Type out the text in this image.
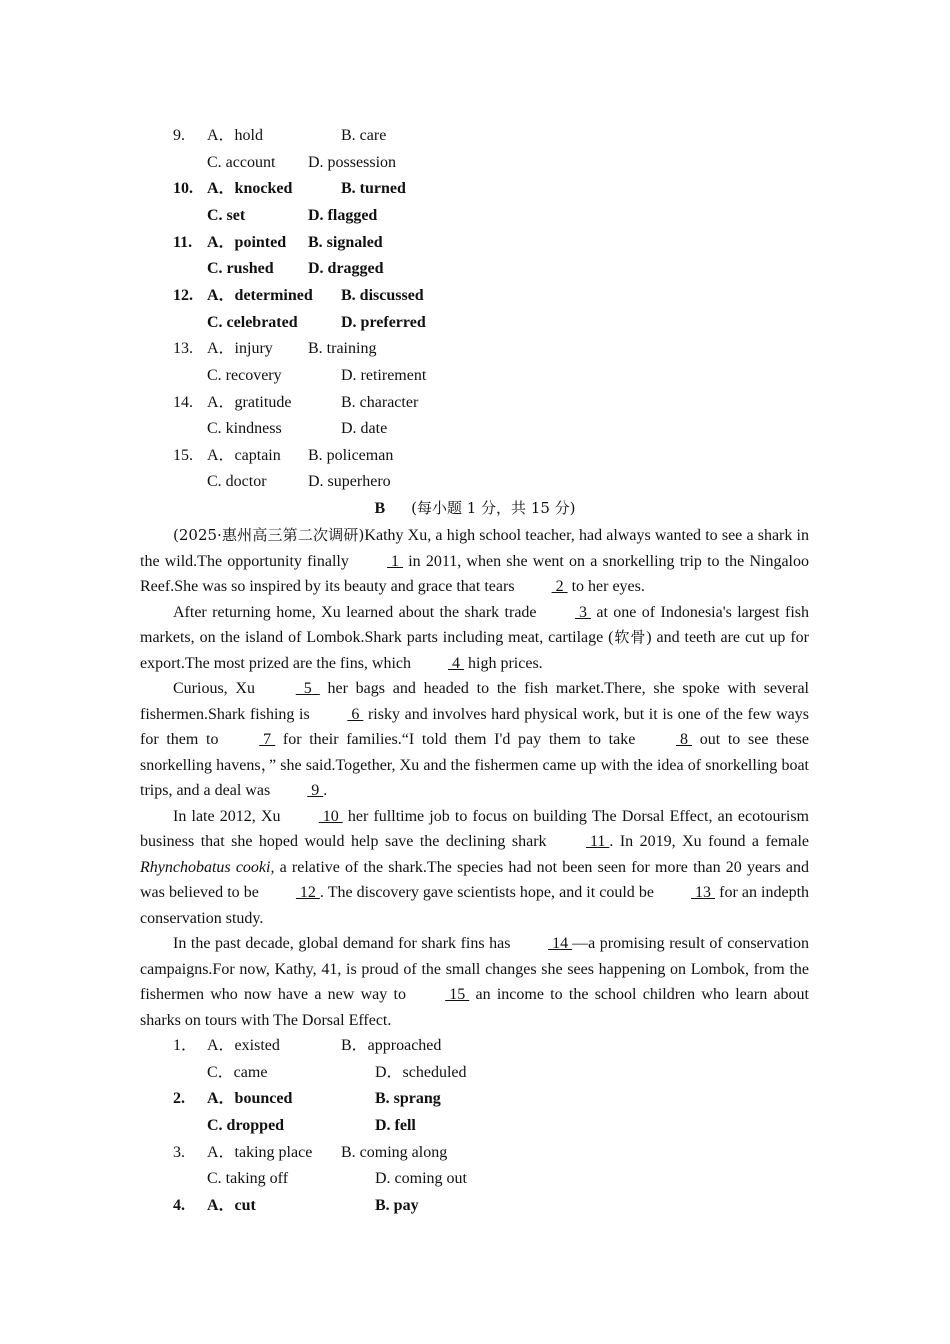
9. A．hold	B. care
C. account D. possession
10. A．knocked	B. turned
C. set	D. flagged
11. A．pointed B. signaled
C. rushed D. dragged
12. A．determined B. discussed
C. celebrated	D. preferred
13. A．injury B. training
C. recovery	D. retirement
14. A．gratitude	B. character
C. kindness	D. date
15. A．captain B. policeman
C. doctor	D. superhero
B (每小题 1 分，共 15 分)

(2025·惠州高三第二次调研)Kathy Xu, a high school teacher, had always wanted to see a shark in the wild.The opportunity finally  1  in 2011, when she went on a snorkelling trip to the Ningaloo Reef.She was so inspired by its beauty and grace that tears  2  to her eyes.

After returning home, Xu learned about the shark trade  3  at one of Indonesia's largest fish markets, on the island of Lombok.Shark parts including meat, cartilage (软骨) and teeth are cut up for export.The most prized are the fins, which  4  high prices.

Curious, Xu   5   her bags and headed to the fish market.There, she spoke with several fishermen.Shark fishing is  6  risky and involves hard physical work, but it is one of the few ways for them to  7  for their families.“I told them I'd pay them to take  8  out to see these snorkelling havens，” she said.Together, Xu and the fishermen came up with the idea of snorkelling boat trips, and a deal was  9 .

In late 2012, Xu  10  her fulltime job to focus on building The Dorsal Effect, an ecotourism business that she hoped would help save the declining shark  11 . In 2019, Xu found a female Rhynchobatus cooki, a relative of the shark.The species had not been seen for more than 20 years and was believed to be  12 . The discovery gave scientists hope, and it could be  13  for an indepth conservation study.

In the past decade, global demand for shark fins has  14 —a promising result of conservation campaigns.For now, Kathy, 41, is proud of the small changes she sees happening on Lombok, from the fishermen who now have a new way to  15  an income to the school children who learn about sharks on tours with The Dorsal Effect.

1． A．existed	B．approached
C．came	D．scheduled
2. A．bounced	B. sprang
C. dropped	D. fell
3. A．taking place B. coming along
C. taking off	D. coming out
4. A．cut	B. pay
